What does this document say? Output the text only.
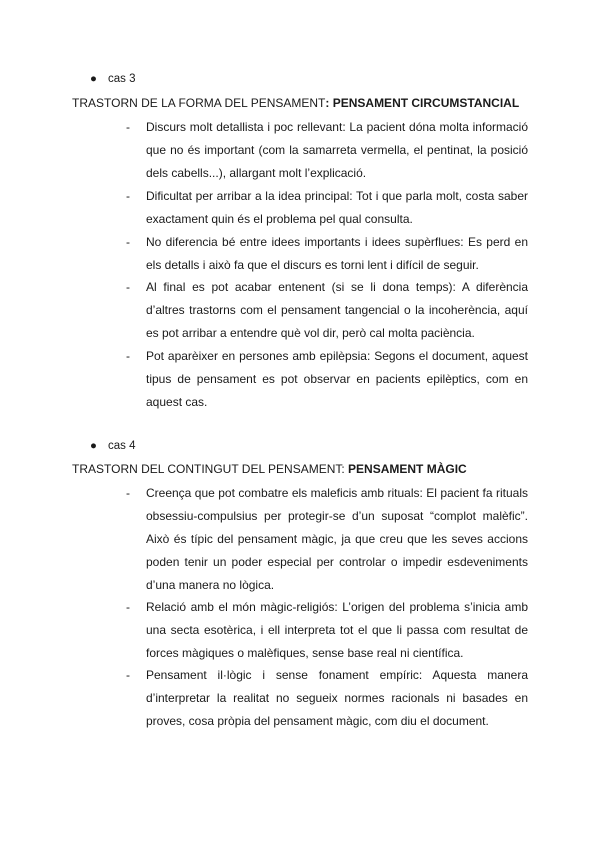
● cas 3
TRASTORN DE LA FORMA DEL PENSAMENT: PENSAMENT CIRCUMSTANCIAL
- Discurs molt detallista i poc rellevant: La pacient dóna molta informació que no és important (com la samarreta vermella, el pentinat, la posició dels cabells...), allargant molt l’explicació.
- Dificultat per arribar a la idea principal: Tot i que parla molt, costa saber exactament quin és el problema pel qual consulta.
- No diferencia bé entre idees importants i idees supèrflues: Es perd en els detalls i això fa que el discurs es torni lent i difícil de seguir.
- Al final es pot acabar entenent (si se li dona temps): A diferència d’altres trastorns com el pensament tangencial o la incoherència, aquí es pot arribar a entendre què vol dir, però cal molta paciència.
- Pot aparèixer en persones amb epilèpsia: Segons el document, aquest tipus de pensament es pot observar en pacients epilèptics, com en aquest cas.
● cas 4
TRASTORN DEL CONTINGUT DEL PENSAMENT: PENSAMENT MÀGIC
- Creença que pot combatre els maleficis amb rituals: El pacient fa rituals obsessiu-compulsius per protegir-se d’un suposat “complot malèfic”. Això és típic del pensament màgic, ja que creu que les seves accions poden tenir un poder especial per controlar o impedir esdeveniments d’una manera no lògica.
- Relació amb el món màgic-religiós: L’origen del problema s’inicia amb una secta esotèrica, i ell interpreta tot el que li passa com resultat de forces màgiques o malèfiques, sense base real ni científica.
- Pensament il·lògic i sense fonament empíric: Aquesta manera d’interpretar la realitat no segueix normes racionals ni basades en proves, cosa pròpia del pensament màgic, com diu el document.
